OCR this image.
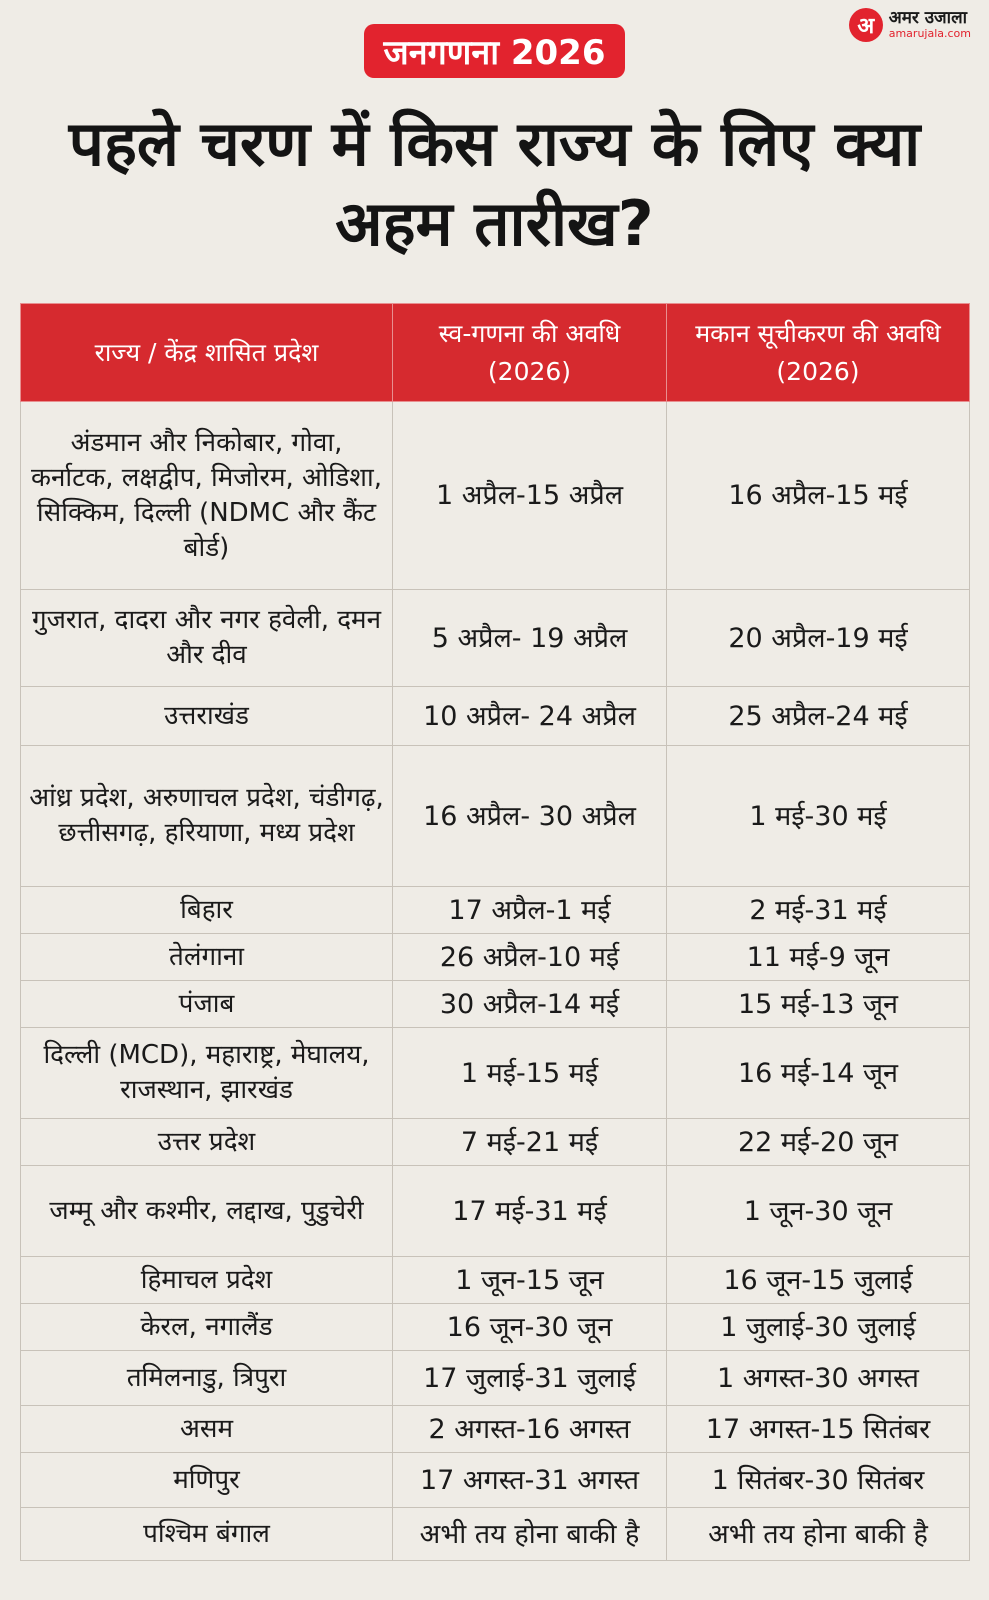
अ अमर उजाला
amarujala.com
जनगणना 2026
पहले चरण में किस राज्य के लिए क्या अहम तारीख?
राज्य / केंद्र शासित प्रदेश	स्व-गणना की अवधि (2026)	मकान सूचीकरण की अवधि (2026)
अंडमान और निकोबार, गोवा, कर्नाटक, लक्षद्वीप, मिजोरम, ओडिशा, सिक्किम, दिल्ली (NDMC और कैंट बोर्ड)	1 अप्रैल-15 अप्रैल	16 अप्रैल-15 मई
गुजरात, दादरा और नगर हवेली, दमन और दीव	5 अप्रैल- 19 अप्रैल	20 अप्रैल-19 मई
उत्तराखंड	10 अप्रैल- 24 अप्रैल	25 अप्रैल-24 मई
आंध्र प्रदेश, अरुणाचल प्रदेश, चंडीगढ़, छत्तीसगढ़, हरियाणा, मध्य प्रदेश	16 अप्रैल- 30 अप्रैल	1 मई-30 मई
बिहार	17 अप्रैल-1 मई	2 मई-31 मई
तेलंगाना	26 अप्रैल-10 मई	11 मई-9 जून
पंजाब	30 अप्रैल-14 मई	15 मई-13 जून
दिल्ली (MCD), महाराष्ट्र, मेघालय, राजस्थान, झारखंड	1 मई-15 मई	16 मई-14 जून
उत्तर प्रदेश	7 मई-21 मई	22 मई-20 जून
जम्मू और कश्मीर, लद्दाख, पुडुचेरी	17 मई-31 मई	1 जून-30 जून
हिमाचल प्रदेश	1 जून-15 जून	16 जून-15 जुलाई
केरल, नगालैंड	16 जून-30 जून	1 जुलाई-30 जुलाई
तमिलनाडु, त्रिपुरा	17 जुलाई-31 जुलाई	1 अगस्त-30 अगस्त
असम	2 अगस्त-16 अगस्त	17 अगस्त-15 सितंबर
मणिपुर	17 अगस्त-31 अगस्त	1 सितंबर-30 सितंबर
पश्चिम बंगाल	अभी तय होना बाकी है	अभी तय होना बाकी है
